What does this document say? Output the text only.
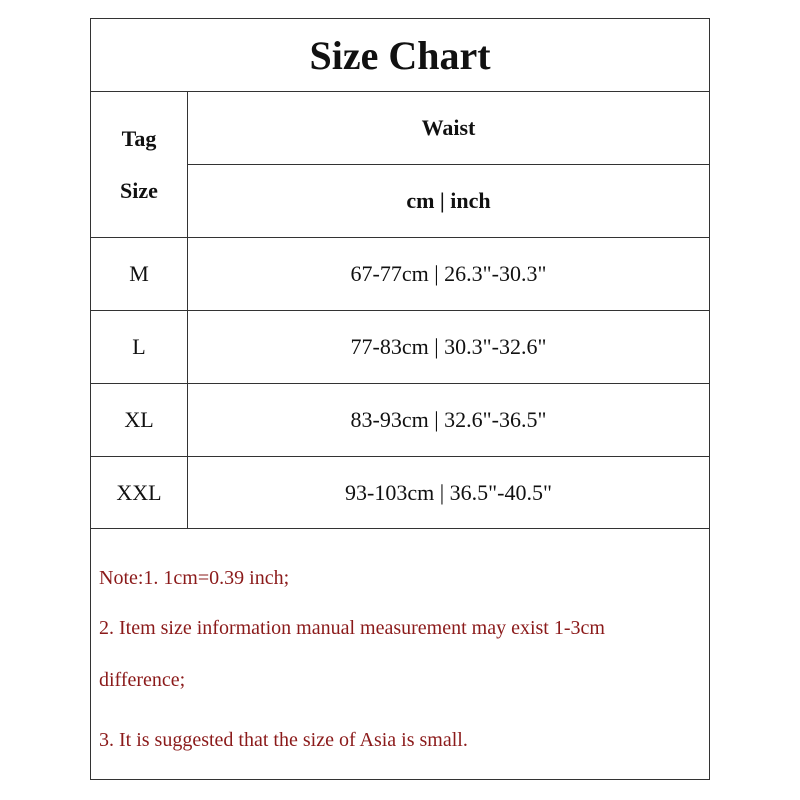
Size Chart
Tag
Size
Waist
cm | inch
M	67-77cm | 26.3"-30.3"
L	77-83cm | 30.3"-32.6"
XL	83-93cm | 32.6"-36.5"
XXL	93-103cm | 36.5"-40.5"
Note:1. 1cm=0.39 inch;
2. Item size information manual measurement may exist 1-3cm
difference;
3. It is suggested that the size of Asia is small.
